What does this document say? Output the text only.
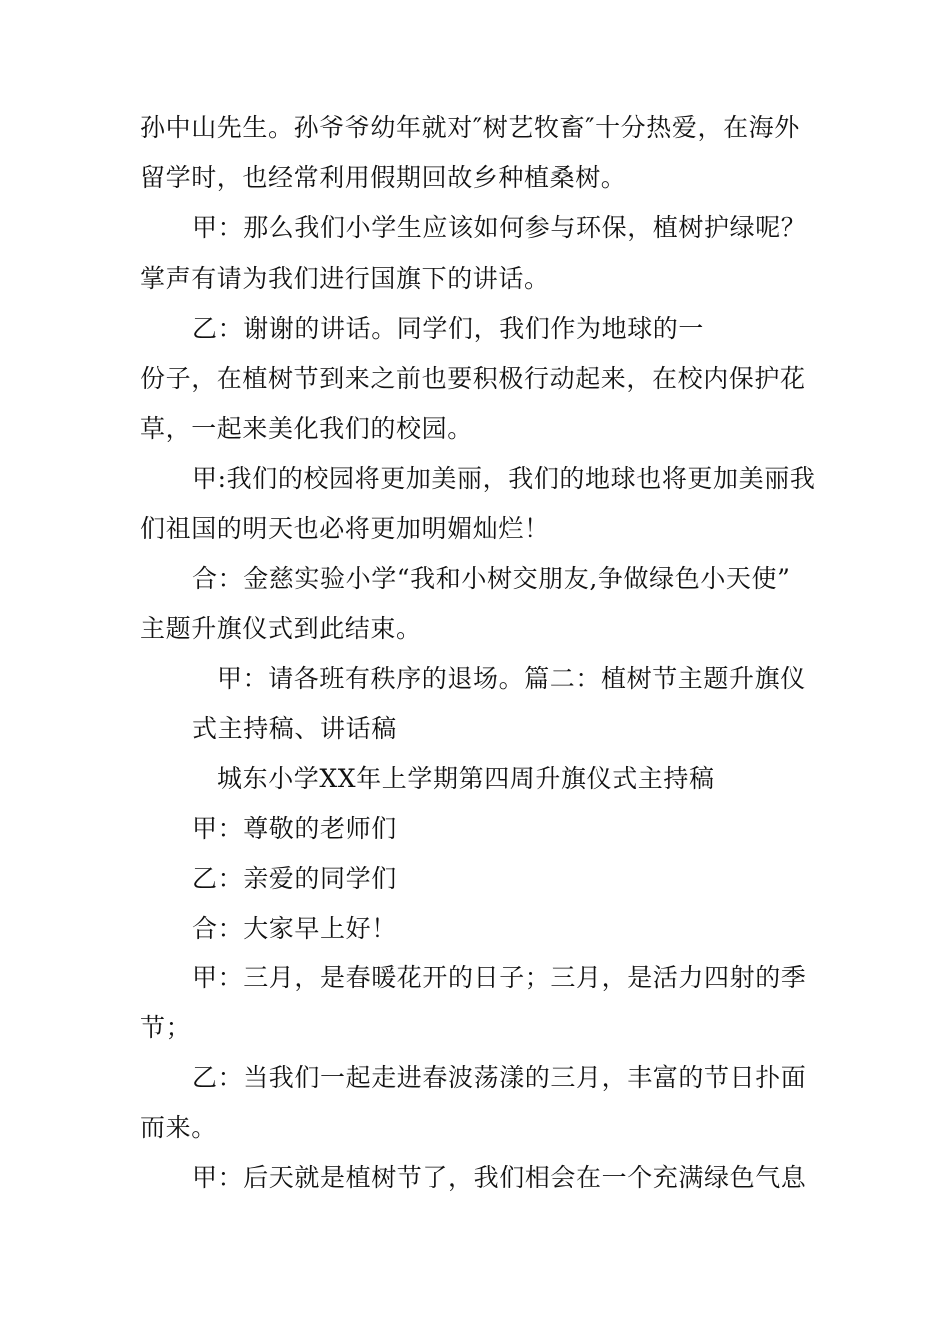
孙中山先生。孙爷爷幼年就对″树艺牧畜″十分热爱，在海外

留学时，也经常利用假期回故乡种植桑树。

甲：那么我们小学生应该如何参与环保，植树护绿呢？

掌声有请为我们进行国旗下的讲话。

乙：谢谢的讲话。同学们，我们作为地球的一

份子，在植树节到来之前也要积极行动起来，在校内保护花

草，一起来美化我们的校园。

甲:我们的校园将更加美丽，我们的地球也将更加美丽我

们祖国的明天也必将更加明媚灿烂！

合：金慈实验小学“我和小树交朋友,争做绿色小天使”

主题升旗仪式到此结束。

甲：请各班有秩序的退场。篇二：植树节主题升旗仪

式主持稿、讲话稿

城东小学XX年上学期第四周升旗仪式主持稿

甲：尊敬的老师们

乙：亲爱的同学们

合：大家早上好！

甲：三月，是春暖花开的日子；三月，是活力四射的季

节；

乙：当我们一起走进春波荡漾的三月，丰富的节日扑面

而来。

甲：后天就是植树节了，我们相会在一个充满绿色气息
